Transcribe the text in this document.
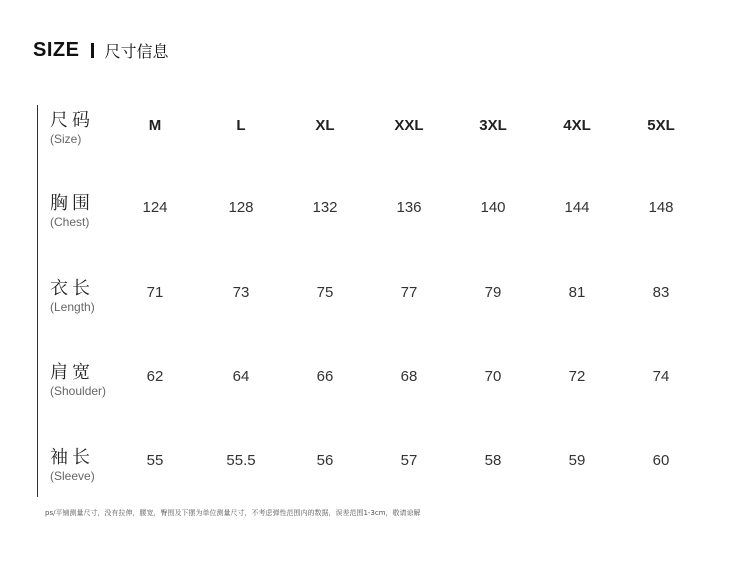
SIZE 尺寸信息
尺码
(Size)
M	L	XL	XXL	3XL	4XL	5XL
胸围
(Chest)
124	128	132	136	140	144	148
衣长
(Length)
71	73	75	77	79	81	83
肩宽
(Shoulder)
62	64	66	68	70	72	74
袖长
(Sleeve)
55	55.5	56	57	58	59	60
ps/平铺测量尺寸，没有拉伸，腰宽，臀围及下摆为单位测量尺寸，不考虑弹性范围内的数据，误差范围1-3cm，敬请谅解
